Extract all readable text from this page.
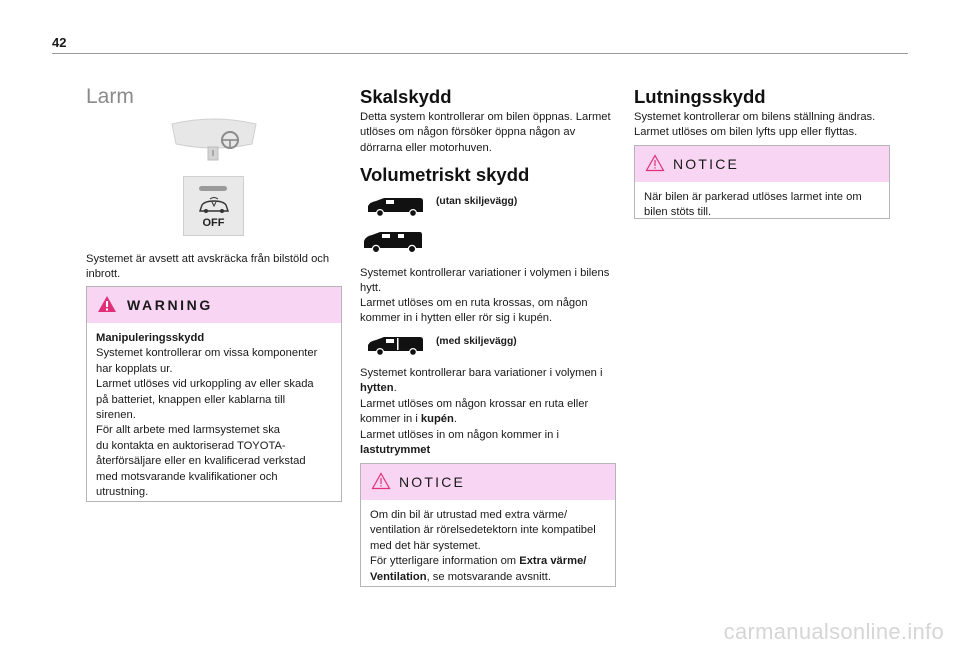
42
Larm
OFF
Systemet är avsett att avskräcka från bilstöld och inbrott.
WARNING
Manipuleringsskydd
Systemet kontrollerar om vissa komponenter
har kopplats ur.
Larmet utlöses vid urkoppling av eller skada
på batteriet, knappen eller kablarna till
sirenen.
För allt arbete med larmsystemet ska
du kontakta en auktoriserad TOYOTA-
återförsäljare eller en kvalificerad verkstad
med motsvarande kvalifikationer och
utrustning.
Skalskydd
Detta system kontrollerar om bilen öppnas. Larmet utlöses om någon försöker öppna någon av dörrarna eller motorhuven.
Volumetriskt skydd
(utan skiljevägg)
Systemet kontrollerar variationer i volymen i bilens hytt.
Larmet utlöses om en ruta krossas, om någon kommer in i hytten eller rör sig i kupén.
(med skiljevägg)
Systemet kontrollerar bara variationer i volymen i hytten.
Larmet utlöses om någon krossar en ruta eller kommer in i kupén.
Larmet utlöses in om någon kommer in i lastutrymmet
NOTICE
Om din bil är utrustad med extra värme/
ventilation är rörelsedetektorn inte kompatibel
med det här systemet.
För ytterligare information om Extra värme/
Ventilation, se motsvarande avsnitt.
Lutningsskydd
Systemet kontrollerar om bilens ställning ändras. Larmet utlöses om bilen lyfts upp eller flyttas.
NOTICE
När bilen är parkerad utlöses larmet inte om bilen stöts till.
carmanualsonline.info
